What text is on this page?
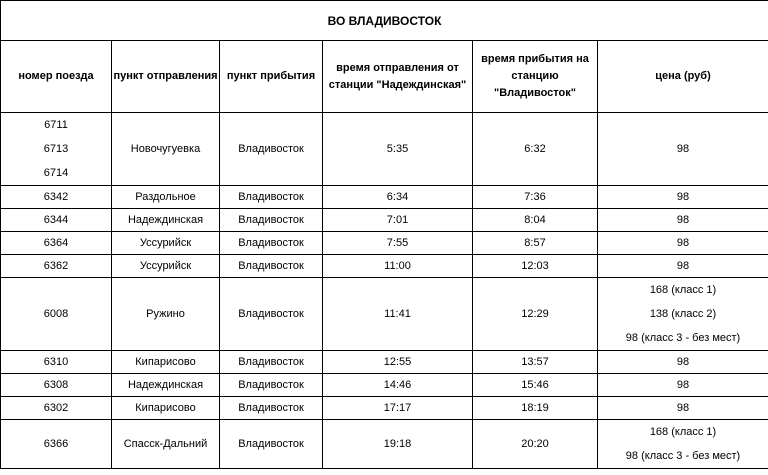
ВО ВЛАДИВОСТОК					
номер поезда	пункт отправления	пункт прибытия	время отправления от станции "Надеждинская"	время прибытия на станцию "Владивосток"	цена (руб)

6711
6713
6714	Новочугуевка	Владивосток	5:35	6:32	98
6342	Раздольное	Владивосток	6:34	7:36	98
6344	Надеждинская	Владивосток	7:01	8:04	98
6364	Уссурийск	Владивосток	7:55	8:57	98
6362	Уссурийск	Владивосток	11:00	12:03	98
6008	Ружино	Владивосток	11:41	12:29	168 (класс 1)
138 (класс 2)
98 (класс 3 - без мест)

6310	Кипарисово	Владивосток	12:55	13:57	98
6308	Надеждинская	Владивосток	14:46	15:46	98
6302	Кипарисово	Владивосток	17:17	18:19	98
6366	Спасск-Дальний	Владивосток	19:18	20:20	168 (класс 1)
98 (класс 3 - без мест)
